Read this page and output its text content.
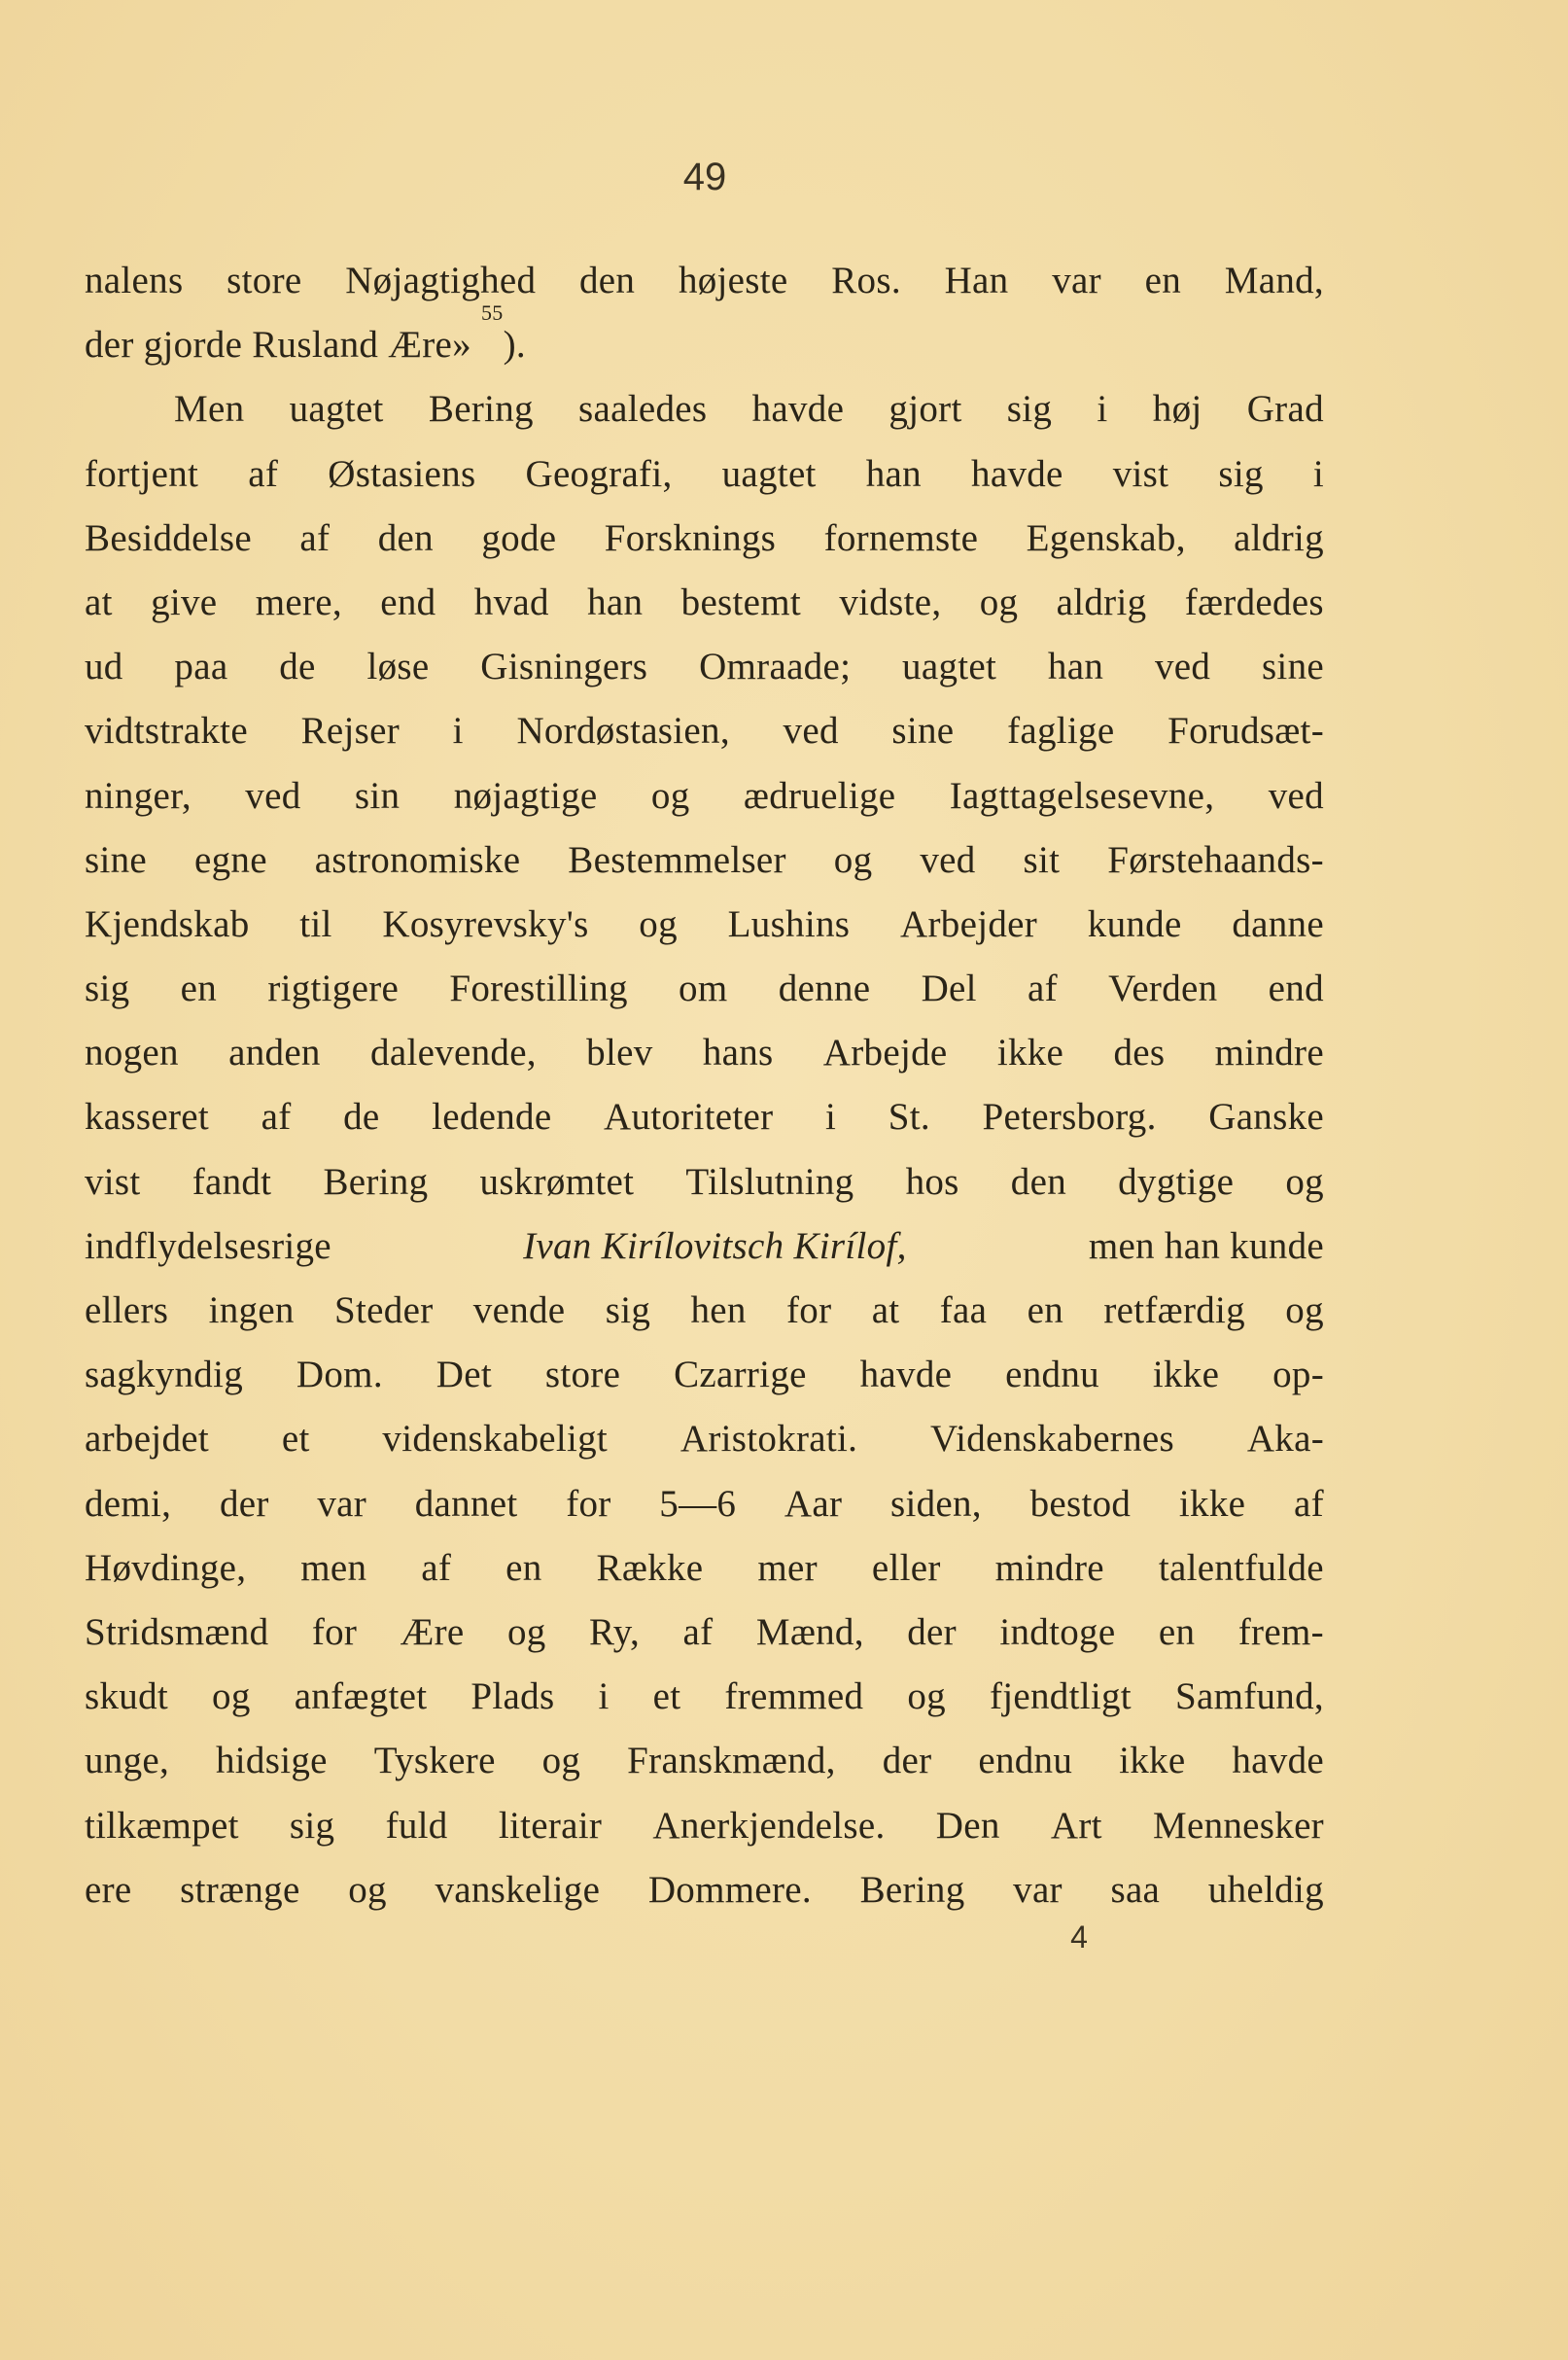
49
nalens store Nøjagtighed den højeste Ros. Han var en Mand,
der gjorde Rusland Ære»
55
).
Men uagtet Bering saaledes havde gjort sig i høj Grad
fortjent af Østasiens Geografi, uagtet han havde vist sig i
Besiddelse af den gode Forsknings fornemste Egenskab, aldrig
at give mere, end hvad han bestemt vidste, og aldrig færdedes
ud paa de løse Gisningers Omraade; uagtet han ved sine
vidtstrakte Rejser i Nordøstasien, ved sine faglige Forudsæt-
ninger, ved sin nøjagtige og ædruelige Iagttagelsesevne, ved
sine egne astronomiske Bestemmelser og ved sit Førstehaands-
Kjendskab til Kosyrevsky's og Lushins Arbejder kunde danne
sig en rigtigere Forestilling om denne Del af Verden end
nogen anden dalevende, blev hans Arbejde ikke des mindre
kasseret af de ledende Autoriteter i St. Petersborg. Ganske
vist fandt Bering uskrømtet Tilslutning hos den dygtige og
indflydelsesrige	Ivan Kirílovitsch Kirílof,	men han kunde
ellers ingen Steder vende sig hen for at faa en retfærdig og
sagkyndig Dom. Det store Czarrige havde endnu ikke op-
arbejdet et videnskabeligt Aristokrati. Videnskabernes Aka-
demi, der var dannet for 5—6 Aar siden, bestod ikke af
Høvdinge, men af en Række mer eller mindre talentfulde
Stridsmænd for Ære og Ry, af Mænd, der indtoge en frem-
skudt og anfægtet Plads i et fremmed og fjendtligt Samfund,
unge, hidsige Tyskere og Franskmænd, der endnu ikke havde
tilkæmpet sig fuld literair Anerkjendelse. Den Art Mennesker
ere strænge og vanskelige Dommere. Bering var saa uheldig
4
